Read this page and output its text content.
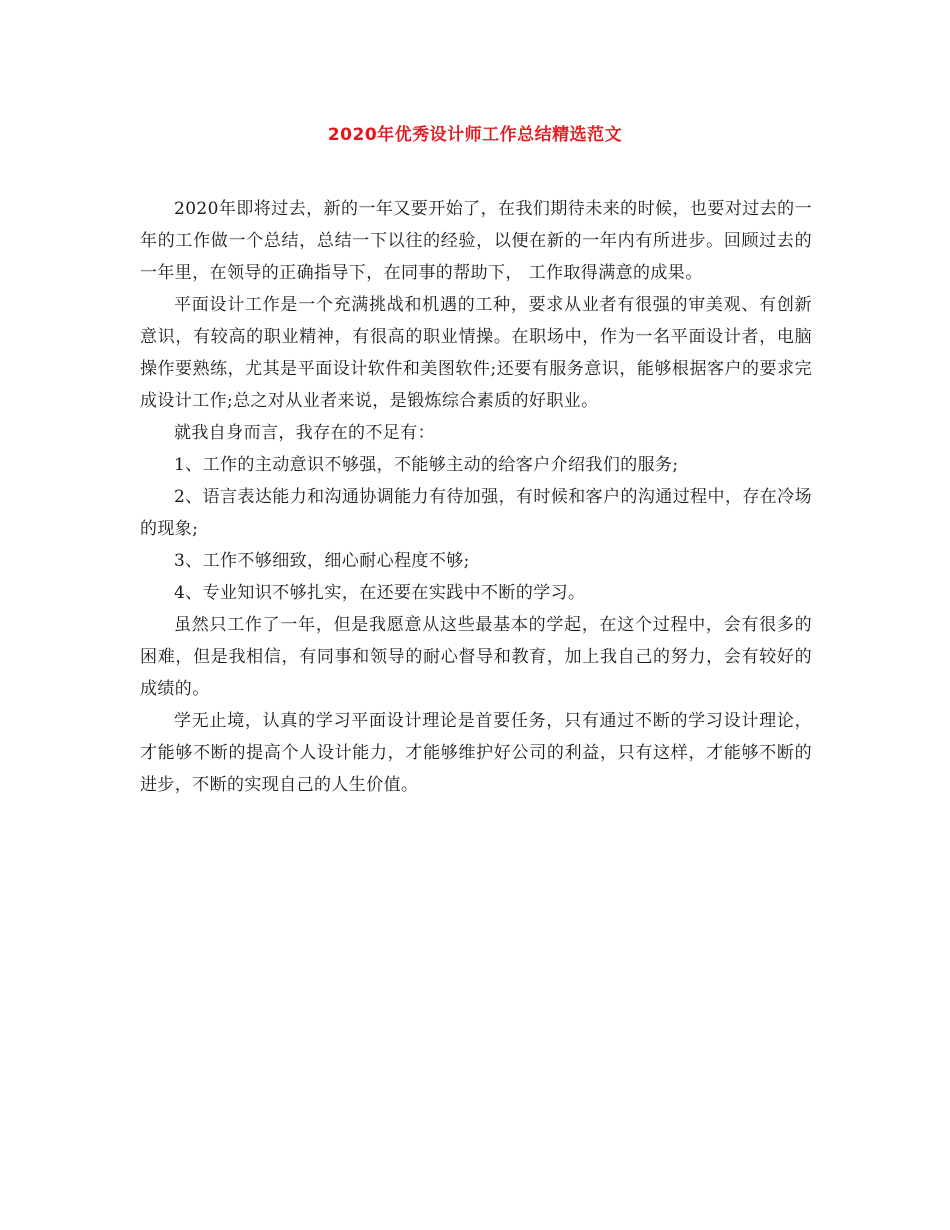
2020年优秀设计师工作总结精选范文

2020年即将过去，新的一年又要开始了，在我们期待未来的时候，也要对过去的一年的工作做一个总结，总结一下以往的经验，以便在新的一年内有所进步。回顾过去的一年里，在领导的正确指导下，在同事的帮助下， 工作取得满意的成果。

平面设计工作是一个充满挑战和机遇的工种，要求从业者有很强的审美观、有创新意识，有较高的职业精神，有很高的职业情操。在职场中，作为一名平面设计者，电脑操作要熟练，尤其是平面设计软件和美图软件;还要有服务意识，能够根据客户的要求完成设计工作;总之对从业者来说，是锻炼综合素质的好职业。

就我自身而言，我存在的不足有：

1、工作的主动意识不够强，不能够主动的给客户介绍我们的服务;

2、语言表达能力和沟通协调能力有待加强，有时候和客户的沟通过程中，存在冷场的现象;

3、工作不够细致，细心耐心程度不够;

4、专业知识不够扎实，在还要在实践中不断的学习。

虽然只工作了一年，但是我愿意从这些最基本的学起，在这个过程中，会有很多的困难，但是我相信，有同事和领导的耐心督导和教育，加上我自己的努力，会有较好的成绩的。

学无止境，认真的学习平面设计理论是首要任务，只有通过不断的学习设计理论，才能够不断的提高个人设计能力，才能够维护好公司的利益，只有这样，才能够不断的进步，不断的实现自己的人生价值。
